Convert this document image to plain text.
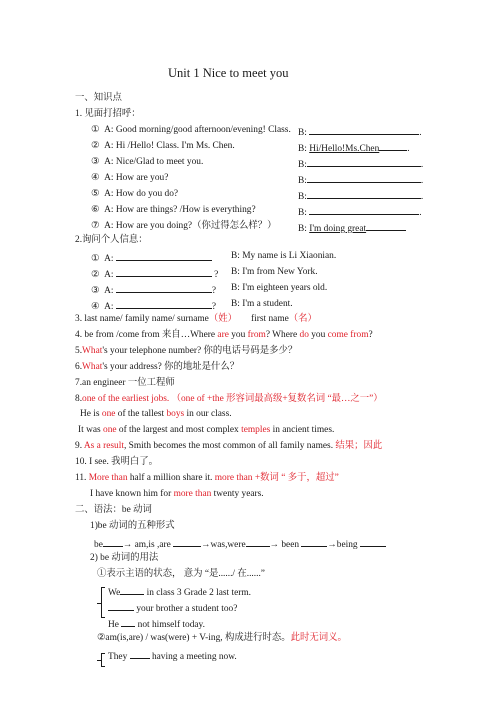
Unit 1 Nice to meet you
一、知识点
1. 见面打招呼：
① A: Good morning/good afternoon/evening! Class. B:	.
② A: Hi /Hello! Class. I'm Ms. Chen.	B: Hi/Hello!Ms.Chen	.
③ A: Nice/Glad to meet you.	B:	.
④ A: How are you?	B:	.
⑤ A: How do you do?	B:	.
⑥ A: How are things? /How is everything?	B:	.
⑦ A: How are you doing?（你过得怎么样？） B: I'm doing great
2.询问个人信息：
① A:	B: My name is Li Xiaonian.
② A:	? B: I'm from New York.
③ A:	? B: I'm eighteen years old.
④ A:	? B: I'm a student.
3. last name/ family name/ surname（姓） first name（名）
4. be from /come from 来自…Where are you from? Where do you come from?
5.What's your telephone number? 你的电话号码是多少？
6.What's your address? 你的地址是什么？
7.an engineer 一位工程师
8.one of the earliest jobs. （one of +the 形容词最高级+复数名词 “最…之一”）
He is one of the tallest boys in our class.
It was one of the largest and most complex temples in ancient times.
9. As a result, Smith becomes the most common of all family names. 结果；因此
10. I see. 我明白了。
11. More than half a million share it. more than +数词 “ 多于，超过”
I have known him for more than twenty years.
二、语法：be 动词
1)be 动词的五种形式
be → am,is ,are	→was,were	→ been	→being
2) be 动词的用法
①表示主语的状态， 意为 “是....../ 在......”
We	in class 3 Grade 2 last term.
your brother a student too?
He not himself today.
②am(is,are) / was(were) + V-ing, 构成进行时态。此时无词义。
They	having a meeting now.
